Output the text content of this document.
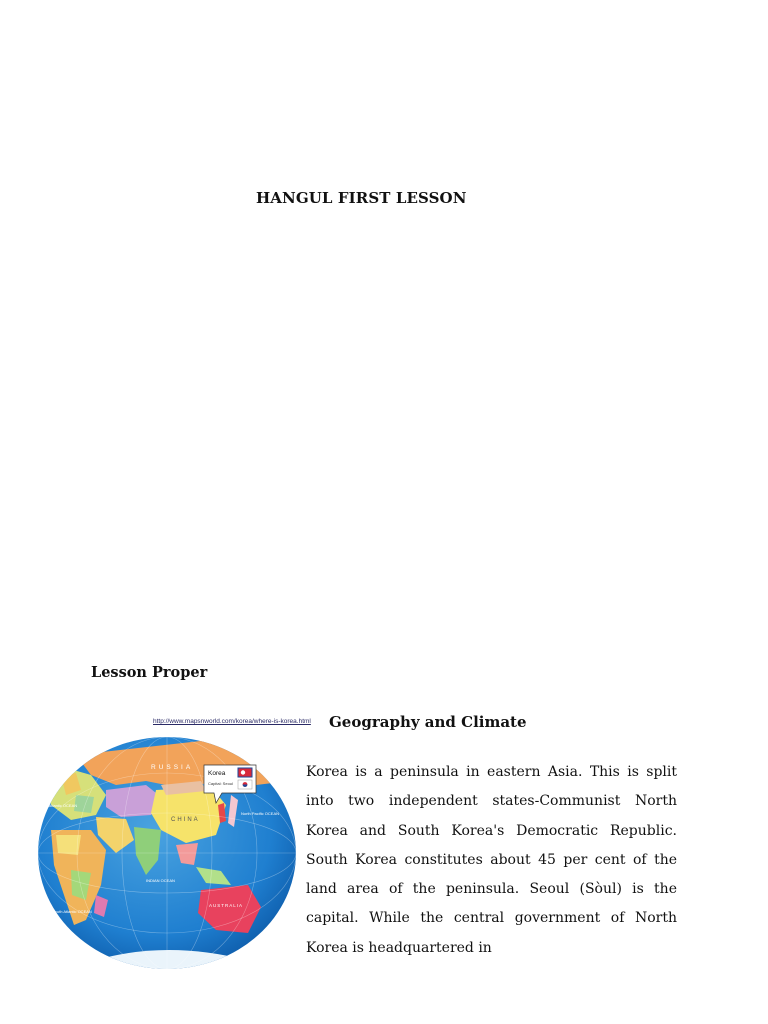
HANGUL FIRST LESSON
Lesson Proper
http://www.mapsnworld.com/korea/where-is-korea.html Geography and Climate
RUSSIA
CHINA
AUSTRALIA
INDIAN OCEAN
North Pacific OCEAN
North Atlantic OCEAN
South Atlantic OCEAN
Korea
Capital: Seoul

Korea is a peninsula in eastern Asia. This is split into two independent states-Communist North Korea and South Korea's Democratic Republic. South Korea constitutes about 45 per cent of the land area of the peninsula. Seoul (Sòul) is the capital. While the central government of North Korea is headquartered in
